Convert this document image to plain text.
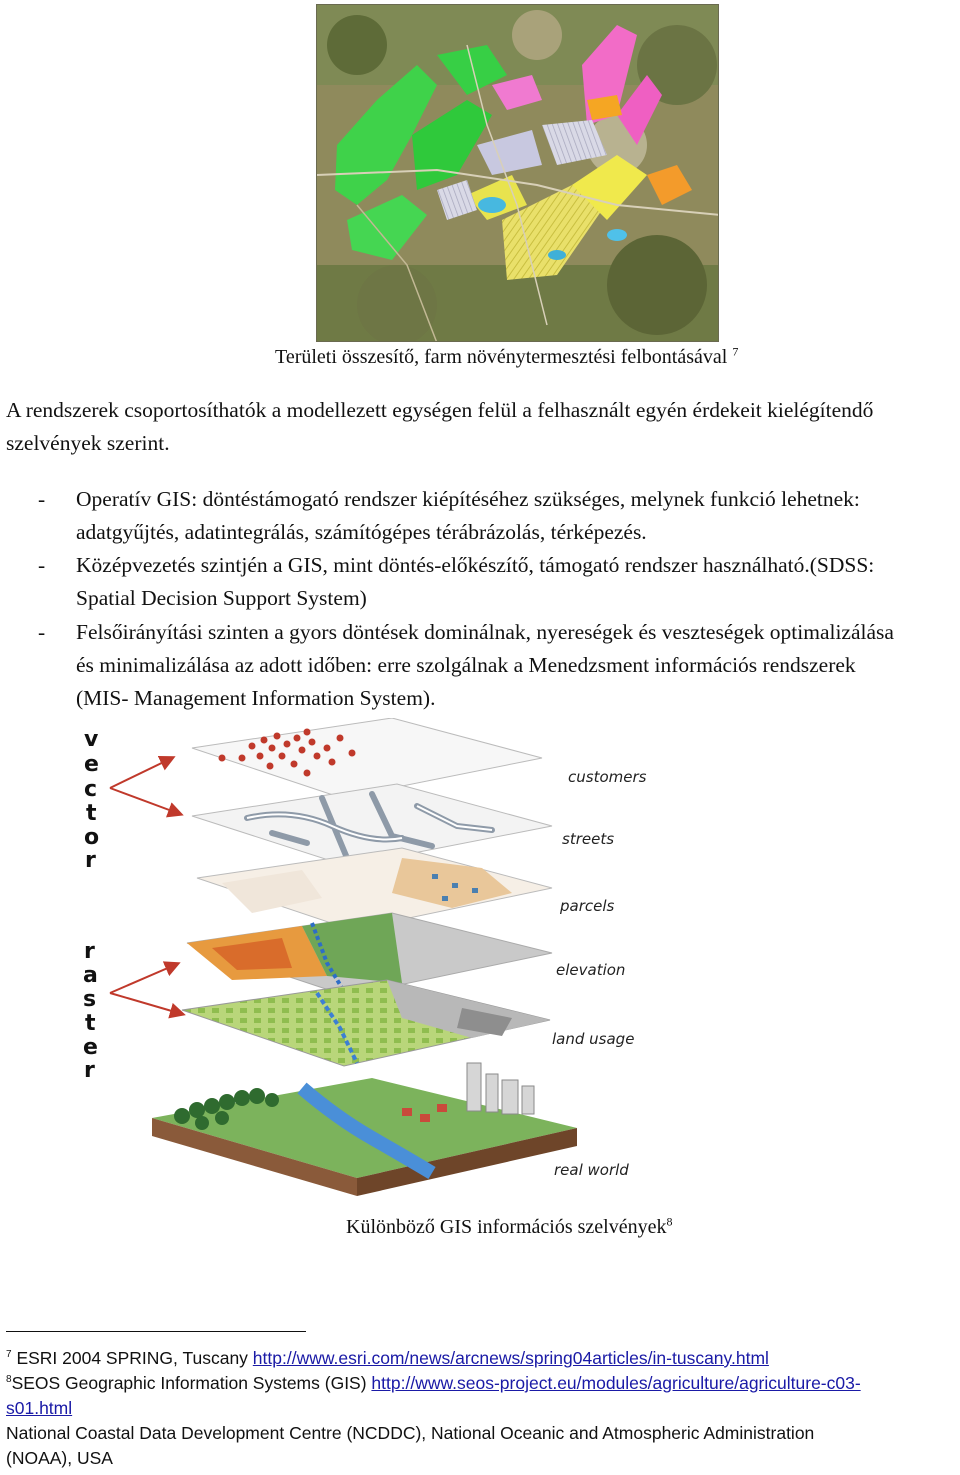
Területi összesítő, farm növénytermesztési felbontásával $^7$
A rendszerek csoportosíthatók a modellezett egységen felül a felhasznált egyén érdekeit kielégítendő szelvények szerint.
- Operatív GIS: döntéstámogató rendszer kiépítéséhez szükséges, melynek funkció lehetnek: adatgyűjtés, adatintegrálás, számítógépes térábrázolás, térképezés.
- Középvezetés szintjén a GIS, mint döntés-előkészítő, támogató rendszer használható.(SDSS: Spatial Decision Support System)
- Felsőirányítási szinten a gyors döntések dominálnak, nyereségek és veszteségek optimalizálása és minimalizálása az adott időben: erre szolgálnak a Menedzsment információs rendszerek (MIS- Management Information System).
v
e
c
t
o
r
r
a
s
t
e
r
customers
streets
parcels
elevation
land usage
real world
Különböző GIS információs szelvények$^8$
$^7$ ESRI 2004 SPRING, Tuscany http://www.esri.com/news/arcnews/spring04articles/in-tuscany.html
$^8$SEOS Geographic Information Systems (GIS) http://www.seos-project.eu/modules/agriculture/agriculture-c03-
s01.html
National Coastal Data Development Centre (NCDDC), National Oceanic and Atmospheric Administration
(NOAA), USA
